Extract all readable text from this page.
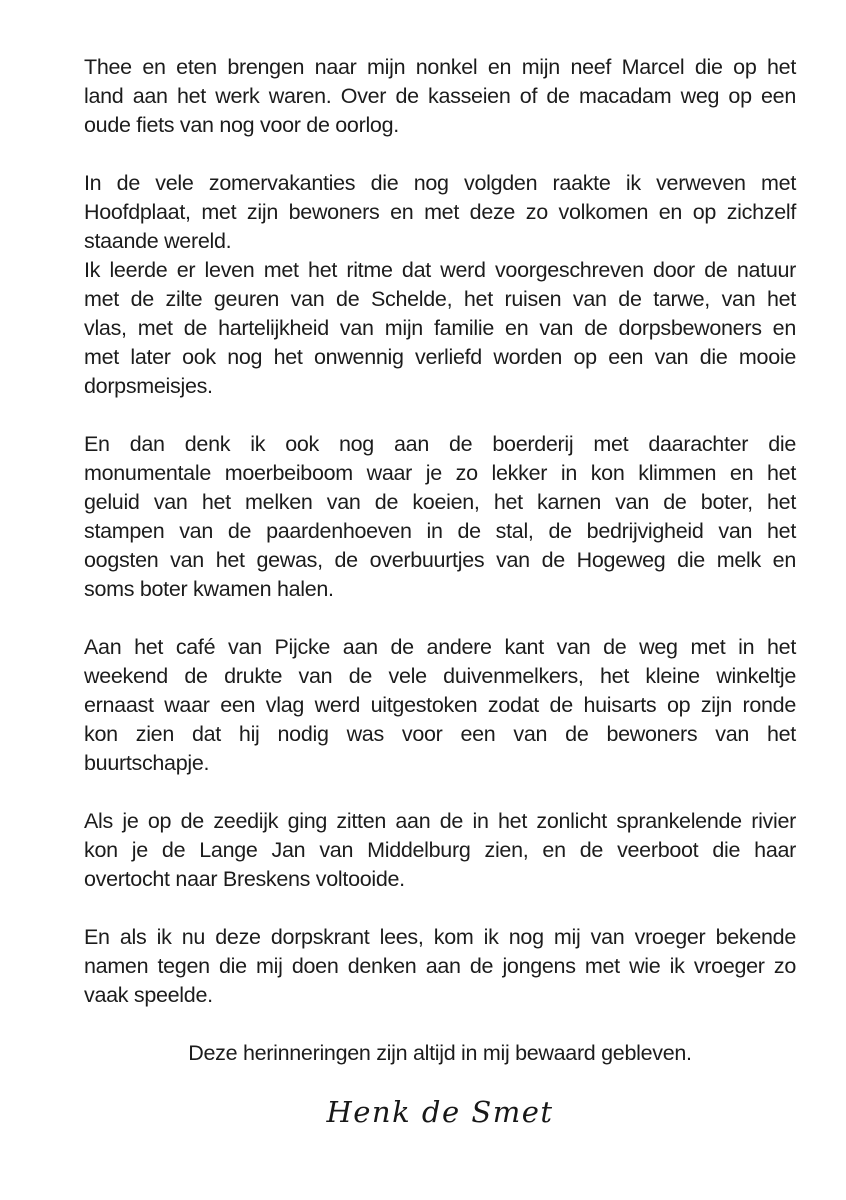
Thee en eten brengen naar mijn nonkel en mijn neef Marcel die op het
land aan het werk waren. Over de kasseien of de macadam weg op een
oude fiets van nog voor de oorlog.

In de vele zomervakanties die nog volgden raakte ik verweven met
Hoofdplaat, met zijn bewoners en met deze zo volkomen en op zichzelf
staande wereld.

Ik leerde er leven met het ritme dat werd voorgeschreven door de natuur
met de zilte geuren van de Schelde, het ruisen van de tarwe, van het
vlas, met de hartelijkheid van mijn familie en van de dorpsbewoners en
met later ook nog het onwennig verliefd worden op een van die mooie
dorpsmeisjes.

En dan denk ik ook nog aan de boerderij met daarachter die
monumentale moerbeiboom waar je zo lekker in kon klimmen en het
geluid van het melken van de koeien, het karnen van de boter, het
stampen van de paardenhoeven in de stal, de bedrijvigheid van het
oogsten van het gewas, de overbuurtjes van de Hogeweg die melk en
soms boter kwamen halen.

Aan het café van Pijcke aan de andere kant van de weg met in het
weekend de drukte van de vele duivenmelkers, het kleine winkeltje
ernaast waar een vlag werd uitgestoken zodat de huisarts op zijn ronde
kon zien dat hij nodig was voor een van de bewoners van het
buurtschapje.

Als je op de zeedijk ging zitten aan de in het zonlicht sprankelende rivier
kon je de Lange Jan van Middelburg zien, en de veerboot die haar
overtocht naar Breskens voltooide.

En als ik nu deze dorpskrant lees, kom ik nog mij van vroeger bekende
namen tegen die mij doen denken aan de jongens met wie ik vroeger zo
vaak speelde.

Deze herinneringen zijn altijd in mij bewaard gebleven.

Henk de Smet
